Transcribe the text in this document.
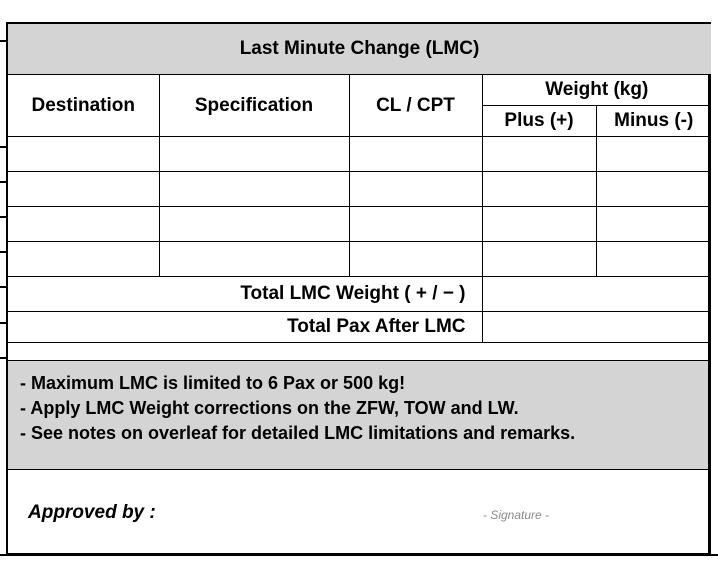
Last Minute Change (LMC)				
Destination	Specification	CL / CPT	Weight (kg)	
			Plus (+)	Minus (-)

Total LMC Weight ( + / − )				
Total Pax After LMC				
- Maximum LMC is limited to 6 Pax or 500 kg!
- Apply LMC Weight corrections on the ZFW, TOW and LW.
- See notes on overleaf for detailed LMC limitations and remarks.
Approved by :	- Signature -
